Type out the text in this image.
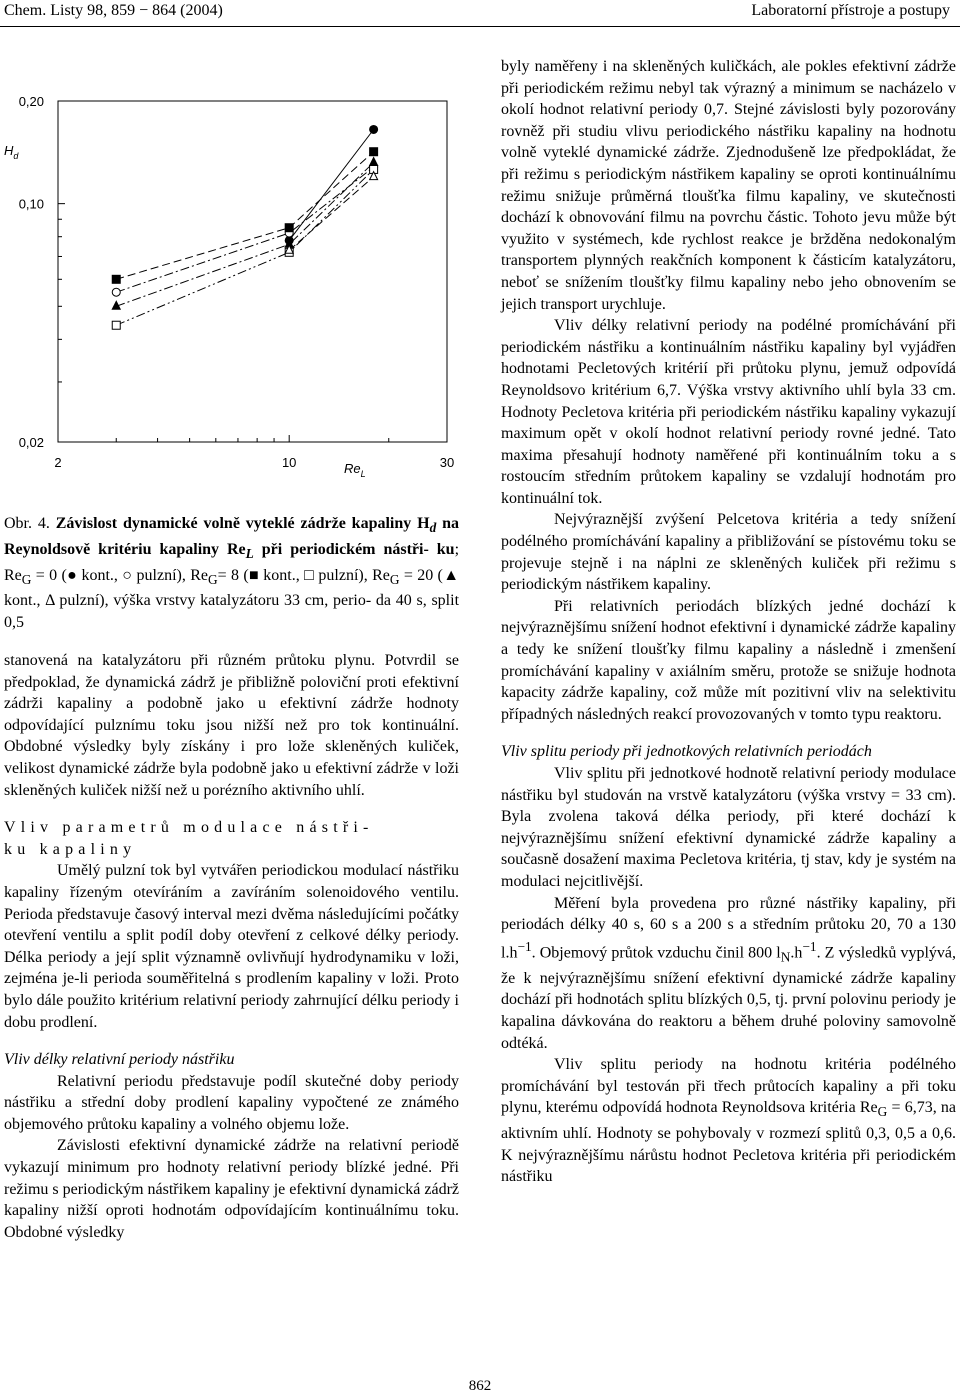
Chem. Listy 98, 859 − 864 (2004)	Laboratorní přístroje a postupy
0,20
0,10
0,02
2	10	30
$H_d$
$Re_L$
Obr. 4. Závislost dynamické volně vyteklé zádrže kapaliny $H_d$ na Reynoldsově kritériu kapaliny $Re_L$ při periodickém nástři- ku; $Re_G = 0$ (● kont., ○ pulzní), $Re_G= 8$ (■ kont., □ pulzní), $Re_G = 20$ (▲ kont., Δ pulzní), výška vrstvy katalyzátoru 33 cm, perio- da 40 s, split 0,5

stanovená na katalyzátoru při různém průtoku plynu. Potvrdil se předpoklad, že dynamická zádrž je přibližně poloviční proti efektivní zádrži kapaliny a podobně jako u efektivní zádrže hodnoty odpovídající pulznímu toku jsou nižší než pro tok kontinuální. Obdobné výsledky byly získány i pro lože skleněných kuliček, velikost dynamické zádrže byla podobně jako u efektivní zádrže v loži skleněných kuliček nižší než u porézního aktivního uhlí.

Vliv parametrů modulace nástři-
ku kapaliny

Umělý pulzní tok byl vytvářen periodickou modulací nástřiku kapaliny řízeným otevíráním a zavíráním solenoidového ventilu. Perioda představuje časový interval mezi dvěma následujícími počátky otevření ventilu a split podíl doby otevření z celkové délky periody. Délka periody a její split významně ovlivňují hydrodynamiku v loži, zejména je-li perioda souměřitelná s prodlením kapaliny v loži. Proto bylo dále použito kritérium relativní periody zahrnující délku periody i dobu prodlení.

Vliv délky relativní periody nástřiku

Relativní periodu představuje podíl skutečné doby periody nástřiku a střední doby prodlení kapaliny vypočtené ze známého objemového průtoku kapaliny a volného objemu lože.

Závislosti efektivní dynamické zádrže na relativní periodě vykazují minimum pro hodnoty relativní periody blízké jedné. Při režimu s periodickým nástřikem kapaliny je efektivní dynamická zádrž kapaliny nižší oproti hodnotám odpovídajícím kontinuálnímu toku. Obdobné výsledky

byly naměřeny i na skleněných kuličkách, ale pokles efektivní zádrže při periodickém režimu nebyl tak výrazný a minimum se nacházelo v okolí hodnot relativní periody 0,7. Stejné závislosti byly pozorovány rovněž při studiu vlivu periodického nástřiku kapaliny na hodnotu volně vyteklé dynamické zádrže. Zjednodušeně lze předpokládat, že při režimu s periodickým nástřikem kapaliny se oproti kontinuálnímu režimu snižuje průměrná tloušťka filmu kapaliny, ve skutečnosti dochází k obnovování filmu na povrchu částic. Tohoto jevu může být využito v systémech, kde rychlost reakce je bržděna nedokonalým transportem plynných reakčních komponent k částicím katalyzátoru, neboť se snížením tloušťky filmu kapaliny nebo jeho obnovením se jejich transport urychluje.

Vliv délky relativní periody na podélné promíchávání při periodickém nástřiku a kontinuálním nástřiku kapaliny byl vyjádřen hodnotami Pecletových kritérií při průtoku plynu, jemuž odpovídá Reynoldsovo kritérium 6,7. Výška vrstvy aktivního uhlí byla 33 cm. Hodnoty Pecletova kritéria při periodickém nástřiku kapaliny vykazují maximum opět v okolí hodnot relativní periody rovné jedné. Tato maxima přesahují hodnoty naměřené při kontinuálním toku a s rostoucím středním průtokem kapaliny se vzdalují hodnotám pro kontinuální tok.

Nejvýraznější zvýšení Pelcetova kritéria a tedy snížení podélného promíchávání kapaliny a přibližování se pístovému toku se projevuje stejně i na náplni ze skleněných kuliček při režimu s periodickým nástřikem kapaliny.

Při relativních periodách blízkých jedné dochází k nejvýraznějšímu snížení hodnot efektivní i dynamické zádrže kapaliny a tedy ke snížení tloušťky filmu kapaliny a následně i zmenšení promíchávání kapaliny v axiálním směru, protože se snižuje hodnota kapacity zádrže kapaliny, což může mít pozitivní vliv na selektivitu případných následných reakcí provozovaných v tomto typu reaktoru.

Vliv splitu periody při jednotkových relativních periodách

Vliv splitu při jednotkové hodnotě relativní periody modulace nástřiku byl studován na vrstvě katalyzátoru (výška vrstvy = 33 cm). Byla zvolena taková délka periody, při které dochází k nejvýraznějšímu snížení efektivní dynamické zádrže kapaliny a současně dosažení maxima Pecletova kritéria, tj stav, kdy je systém na modulaci nejcitlivější.

Měření byla provedena pro různé nástřiky kapaliny, při periodách délky 40 s, 60 s a 200 s a středním průtoku 20, 70 a 130 $l.h^{-1}$. Objemový průtok vzduchu činil 800 $l_N.h^{-1}$. Z výsledků vyplývá, že k nejvýraznějšímu snížení efektivní dynamické zádrže kapaliny dochází při hodnotách splitu blízkých 0,5, tj. první polovinu periody je kapalina dávkována do reaktoru a během druhé poloviny samovolně odtéká.

Vliv splitu periody na hodnotu kritéria podélného promíchávání byl testován při třech průtocích kapaliny a při toku plynu, kterému odpovídá hodnota Reynoldsova kritéria $Re_G = 6,73$, na aktivním uhlí. Hodnoty se pohybovaly v rozmezí splitů 0,3, 0,5 a 0,6. K nejvýraznějšímu nárůstu hodnot Pecletova kritéria při periodickém nástřiku

862
